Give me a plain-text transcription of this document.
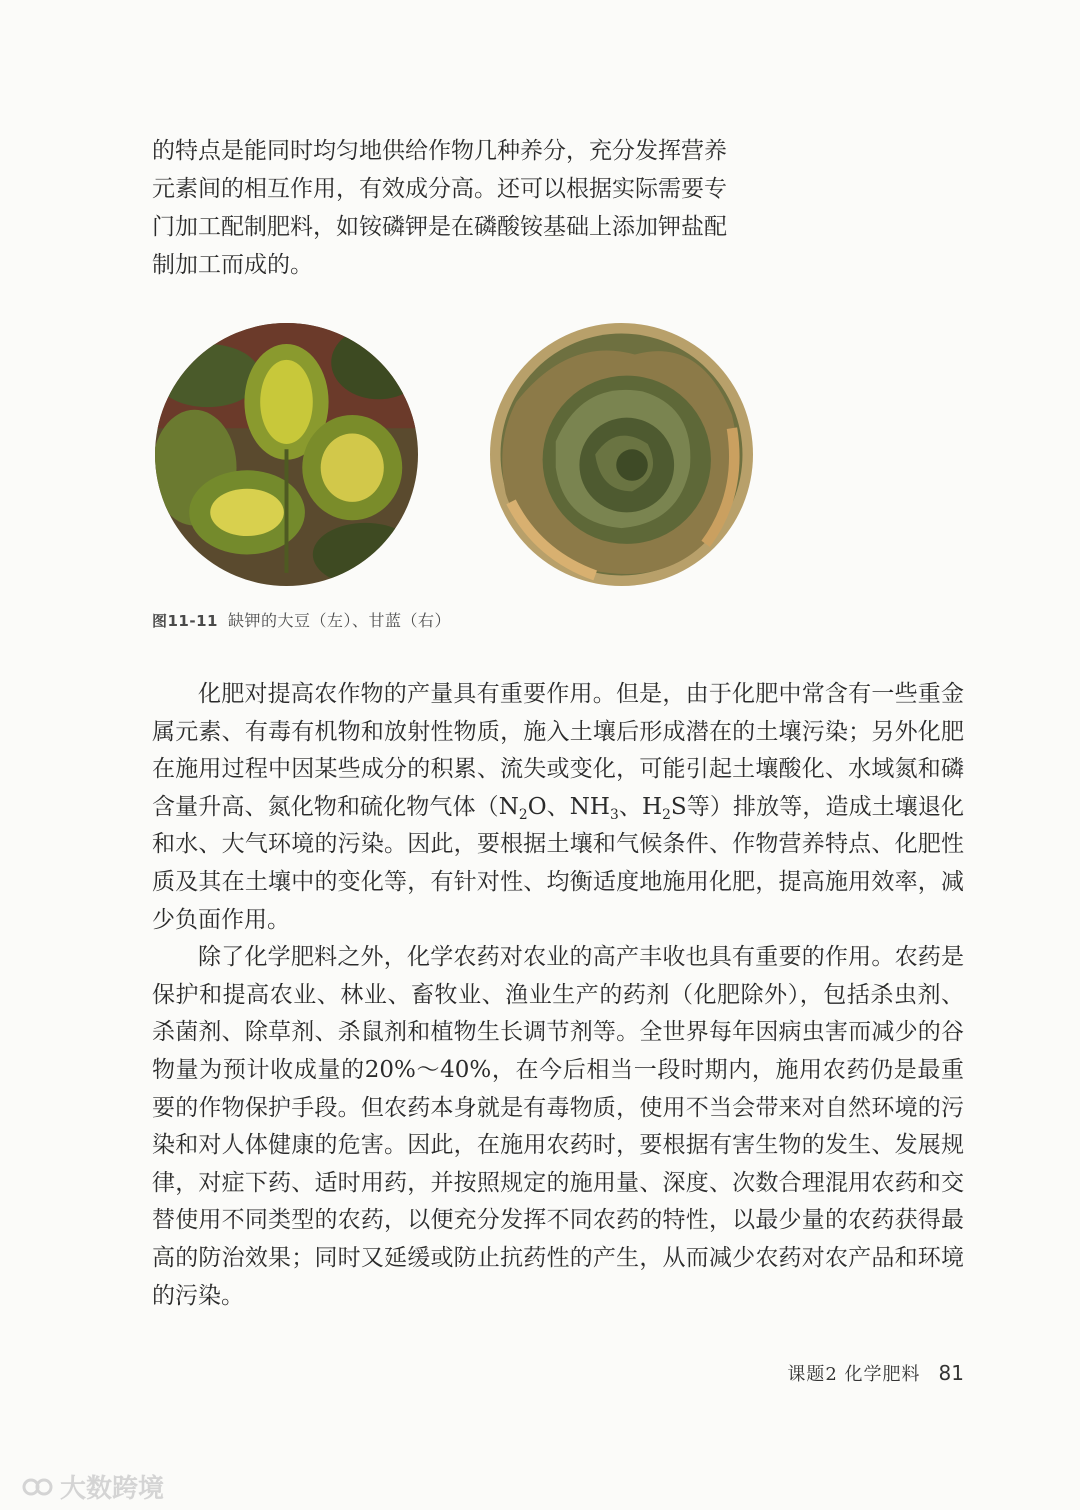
的特点是能同时均匀地供给作物几种养分，充分发挥营养

元素间的相互作用，有效成分高。还可以根据实际需要专

门加工配制肥料，如铵磷钾是在磷酸铵基础上添加钾盐配

制加工而成的。

图11-11 缺钾的大豆（左）、甘蓝（右）

化肥对提高农作物的产量具有重要作用。但是，由于化肥中常含有一些重金属元素、有毒有机物和放射性物质，施入土壤后形成潜在的土壤污染；另外化肥在施用过程中因某些成分的积累、流失或变化，可能引起土壤酸化、水域氮和磷含量升高、氮化物和硫化物气体（$N_2O$、$NH_3$、$H_2S$等）排放等，造成土壤退化和水、大气环境的污染。因此，要根据土壤和气候条件、作物营养特点、化肥性质及其在土壤中的变化等，有针对性、均衡适度地施用化肥，提高施用效率，减少负面作用。

除了化学肥料之外，化学农药对农业的高产丰收也具有重要的作用。农药是保护和提高农业、林业、畜牧业、渔业生产的药剂（化肥除外），包括杀虫剂、杀菌剂、除草剂、杀鼠剂和植物生长调节剂等。全世界每年因病虫害而减少的谷物量为预计收成量的20%～40%，在今后相当一段时期内，施用农药仍是最重要的作物保护手段。但农药本身就是有毒物质，使用不当会带来对自然环境的污染和对人体健康的危害。因此，在施用农药时，要根据有害生物的发生、发展规律，对症下药、适时用药，并按照规定的施用量、深度、次数合理混用农药和交替使用不同类型的农药，以便充分发挥不同农药的特性，以最少量的农药获得最高的防治效果；同时又延缓或防止抗药性的产生，从而减少农药对农产品和环境的污染。

课题2 化学肥料 81
大数跨境
